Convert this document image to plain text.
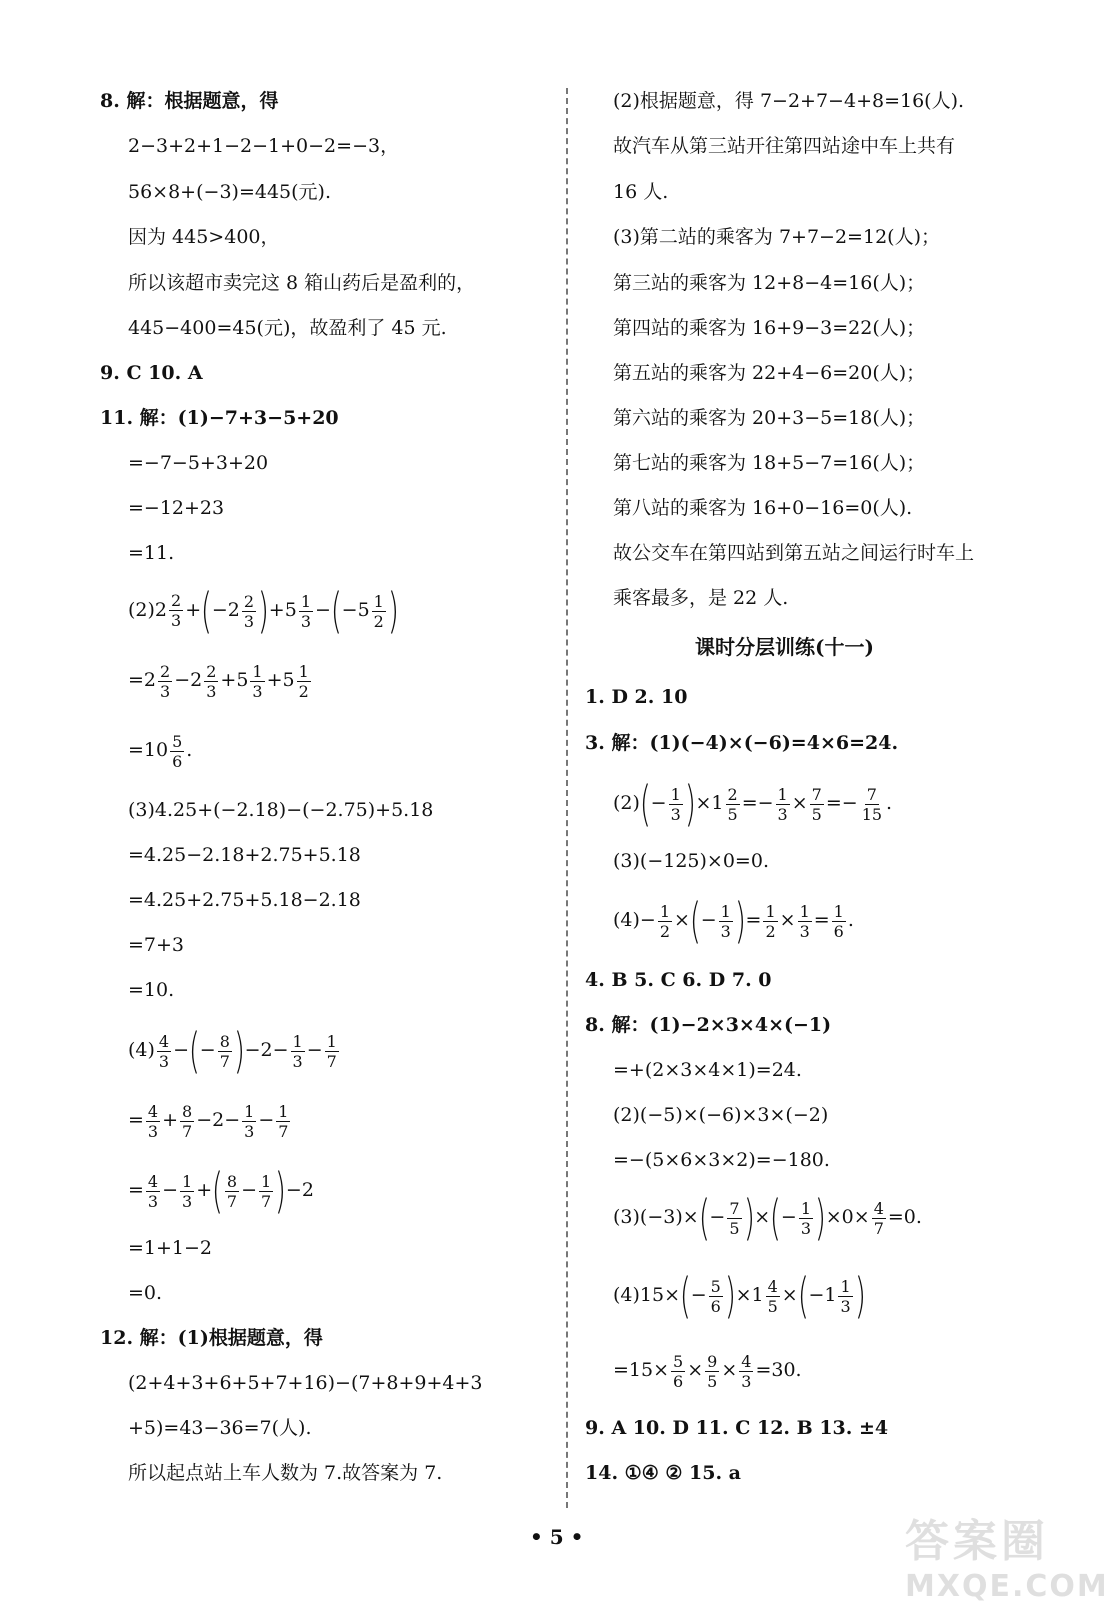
8. 解：根据题意，得
2−3+2+1−2−1+0−2=−3，
56×8+(−3)=445(元).
因为 445>400，
所以该超市卖完这 8 箱山药后是盈利的，
445−400=45(元)，故盈利了 45 元.
9. C 10. A
11. 解：(1)−7+3−5+20
=−7−5+3+20
=−12+23
=11.
$(2)2 \frac{2}{3} +(-2 \frac{2}{3} )+5 \frac{1}{3} -(-5 \frac{1}{2}$ )
$=2 \frac{2}{3} -2 \frac{2}{3} +5 \frac{1}{3} +5 \frac{1}{2}$
$=10 \frac{5}{6}$ .
(3)4.25+(−2.18)−(−2.75)+5.18
=4.25−2.18+2.75+5.18
=4.25+2.75+5.18−2.18
=7+3
=10.
$(4) \frac{4}{3}$ −(− $\frac{8}{7} )-2- \frac{1}{3} - \frac{1}{7}$
= $\frac{4}{3} + \frac{8}{7} -2- \frac{1}{3} - \frac{1}{7}$
= $\frac{4}{3} - \frac{1}{3}$ +( $\frac{8}{7} - \frac{1}{7} )-2$
=1+1−2
=0.
12. 解：(1)根据题意，得
(2+4+3+6+5+7+16)−(7+8+9+4+3
+5)=43−36=7(人).
所以起点站上车人数为 7.故答案为 7.
(2)根据题意，得 7−2+7−4+8=16(人).
故汽车从第三站开往第四站途中车上共有
16 人.
(3)第二站的乘客为 7+7−2=12(人)；
第三站的乘客为 12+8−4=16(人)；
第四站的乘客为 16+9−3=22(人)；
第五站的乘客为 22+4−6=20(人)；
第六站的乘客为 20+3−5=18(人)；
第七站的乘客为 18+5−7=16(人)；
第八站的乘客为 16+0−16=0(人).
故公交车在第四站到第五站之间运行时车上
乘客最多，是 22 人.
课时分层训练(十一)
1. D 2. 10
3. 解：(1)(−4)×(−6)=4×6=24.
$(2)(- \frac{1}{3} )\times 1 \frac{2}{5} =- \frac{1}{3} \times \frac{7}{5} =- \frac{7}{15}$ .
(3)(−125)×0=0.
$(4)- \frac{1}{2}$ ×(− $\frac{1}{3}$ )= $\frac{1}{2} \times \frac{1}{3} = \frac{1}{6}$ .
4. B 5. C 6. D 7. 0
8. 解：(1)−2×3×4×(−1)
=+(2×3×4×1)=24.
(2)(−5)×(−6)×3×(−2)
=−(5×6×3×2)=−180.
$(3)(-3)\times(- \frac{7}{5}$ )×(− $\frac{1}{3} )\times 0\times \frac{4}{7} =0$.
$(4)15\times(- \frac{5}{6} )\times 1 \frac{4}{5} \times(-1 \frac{1}{3}$ )
$=15\times \frac{5}{6} \times \frac{9}{5} \times \frac{4}{3} =30$.
9. A 10. D 11. C 12. B 13. ±4
14. ①④ ② 15. a
• 5 •	答案圈
MXQE.COM
